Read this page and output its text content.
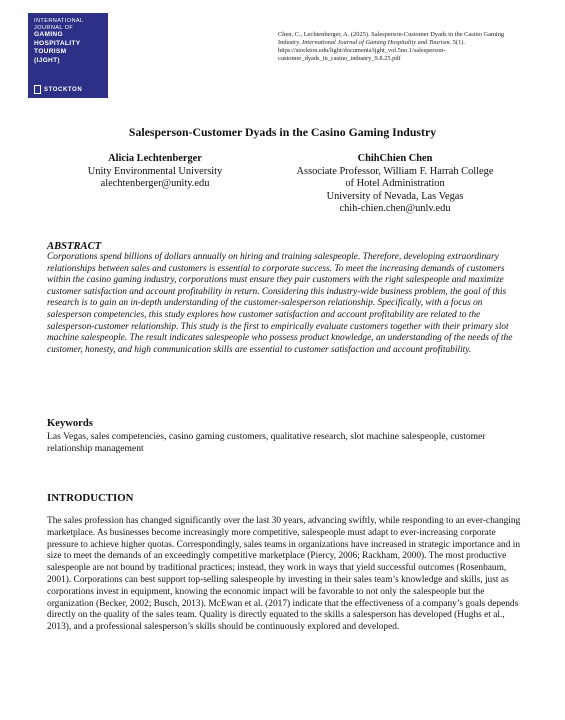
INTERNATIONAL
JOURNAL OF
GAMING
HOSPITALITY
TOURISM
(IJGHT)
STOCKTON
Chen, C., Lechtenberger, A. (2025). Salesperson-Customer Dyads in the Casino Gaming Industry. International Journal of Gaming Hospitality and Tourism. 5(1). https://stockton.edu/light/documents/ijght_vol.5no.1/salesperson-customer_dyads_in_casino_industry_9.8.25.pdf
Salesperson-Customer Dyads in the Casino Gaming Industry
Alicia Lechtenberger
Unity Environmental University
alechtenberger@unity.edu
ChihChien Chen
Associate Professor, William F. Harrah College of Hotel Administration
University of Nevada, Las Vegas
chih-chien.chen@unlv.edu
ABSTRACT

Corporations spend billions of dollars annually on hiring and training salespeople. Therefore, developing extraordinary relationships between sales and customers is essential to corporate success. To meet the increasing demands of customers within the casino gaming industry, corporations must ensure they pair customers with the right salespeople and maximize customer satisfaction and account profitability in return. Considering this industry-wide business problem, the goal of this research is to gain an in-depth understanding of the customer-salesperson relationship. Specifically, with a focus on salesperson competencies, this study explores how customer satisfaction and account profitability are related to the salesperson-customer relationship. This study is the first to empirically evaluate customers together with their primary slot machine salespeople. The result indicates salespeople who possess product knowledge, an understanding of the needs of the customer, honesty, and high communication skills are essential to customer satisfaction and account profitability.

Keywords

Las Vegas, sales competencies, casino gaming customers, qualitative research, slot machine salespeople, customer relationship management

INTRODUCTION

The sales profession has changed significantly over the last 30 years, advancing swiftly, while responding to an ever-changing marketplace. As businesses become increasingly more competitive, salespeople must adapt to ever-increasing corporate pressure to achieve higher quotas. Correspondingly, sales teams in organizations have increased in strategic importance and in size to meet the demands of an exceedingly competitive marketplace (Piercy, 2006; Rackham, 2000). The most productive salespeople are not bound by traditional practices; instead, they work in ways that yield successful outcomes (Rosenbaum, 2001). Corporations can best support top-selling salespeople by investing in their sales team’s knowledge and skills, just as corporations invest in equipment, knowing the economic impact will be favorable to not only the salespeople but the organization (Becker, 2002; Busch, 2013). McEwan et al. (2017) indicate that the effectiveness of a company’s goals depends directly on the quality of the sales team. Quality is directly equated to the skills a salesperson has developed (Hughs et al., 2013), and a professional salesperson’s skills should be continuously explored and developed.
